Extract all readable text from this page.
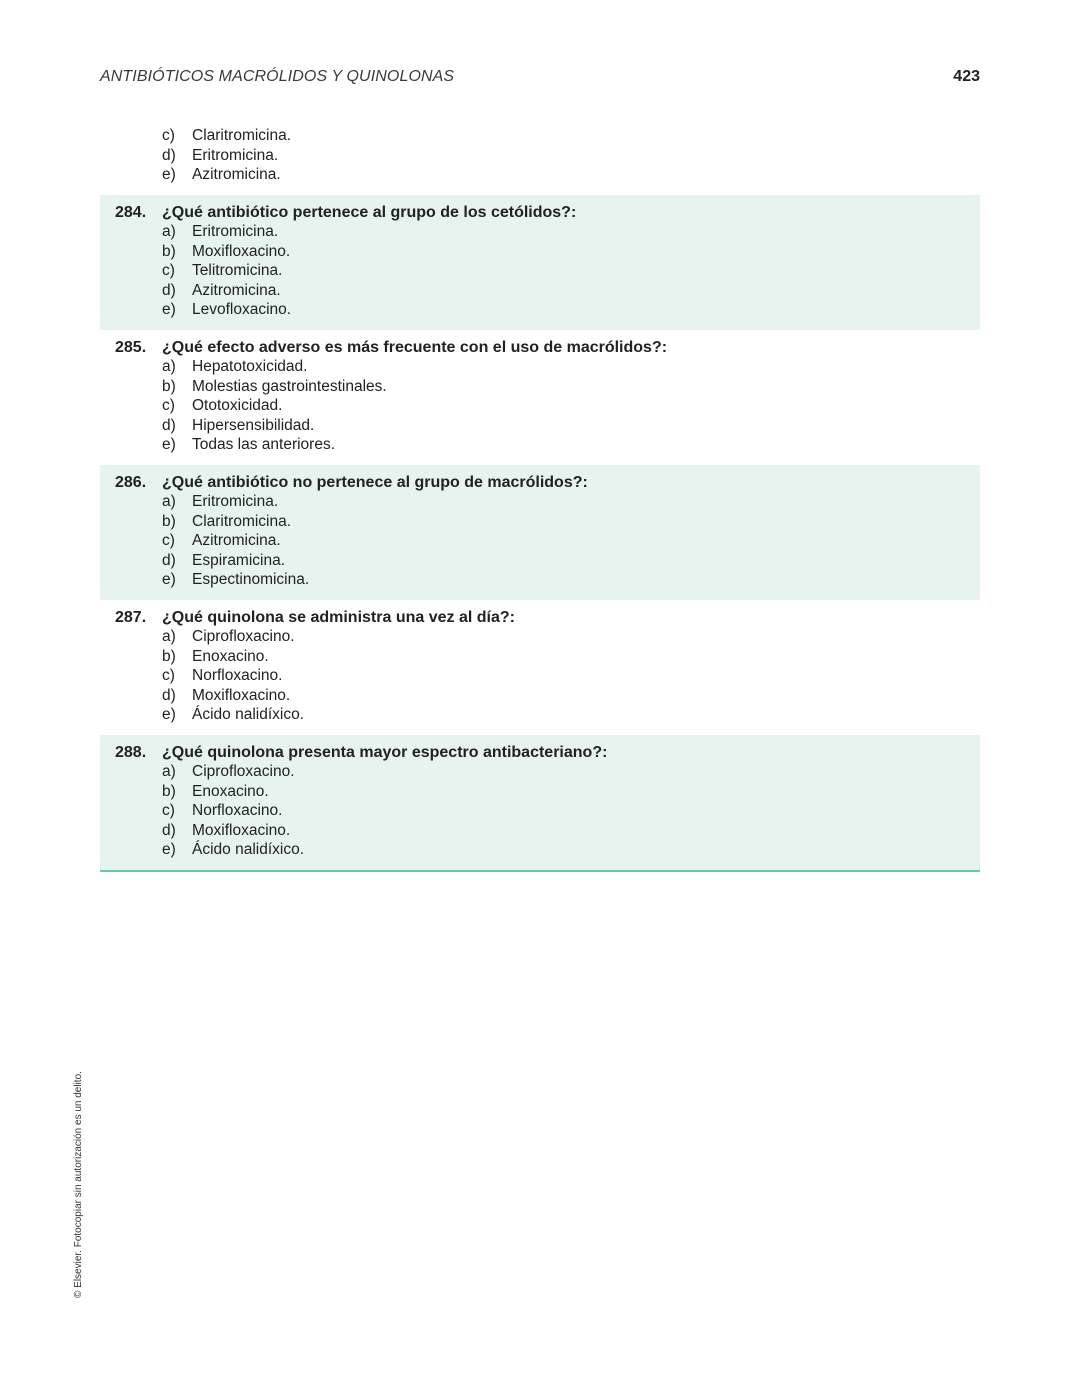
ANTIBIÓTICOS MACRÓLIDOS Y QUINOLONAS	423
c) Claritromicina.
d) Eritromicina.
e) Azitromicina.
284. ¿Qué antibiótico pertenece al grupo de los cetólidos?:
a) Eritromicina.
b) Moxifloxacino.
c) Telitromicina.
d) Azitromicina.
e) Levofloxacino.
285. ¿Qué efecto adverso es más frecuente con el uso de macrólidos?:
a) Hepatotoxicidad.
b) Molestias gastrointestinales.
c) Ototoxicidad.
d) Hipersensibilidad.
e) Todas las anteriores.
286. ¿Qué antibiótico no pertenece al grupo de macrólidos?:
a) Eritromicina.
b) Claritromicina.
c) Azitromicina.
d) Espiramicina.
e) Espectinomicina.
287. ¿Qué quinolona se administra una vez al día?:
a) Ciprofloxacino.
b) Enoxacino.
c) Norfloxacino.
d) Moxifloxacino.
e) Ácido nalidíxico.
288. ¿Qué quinolona presenta mayor espectro antibacteriano?:
a) Ciprofloxacino.
b) Enoxacino.
c) Norfloxacino.
d) Moxifloxacino.
e) Ácido nalidíxico.
© Elsevier. Fotocopiar sin autorización es un delito.
